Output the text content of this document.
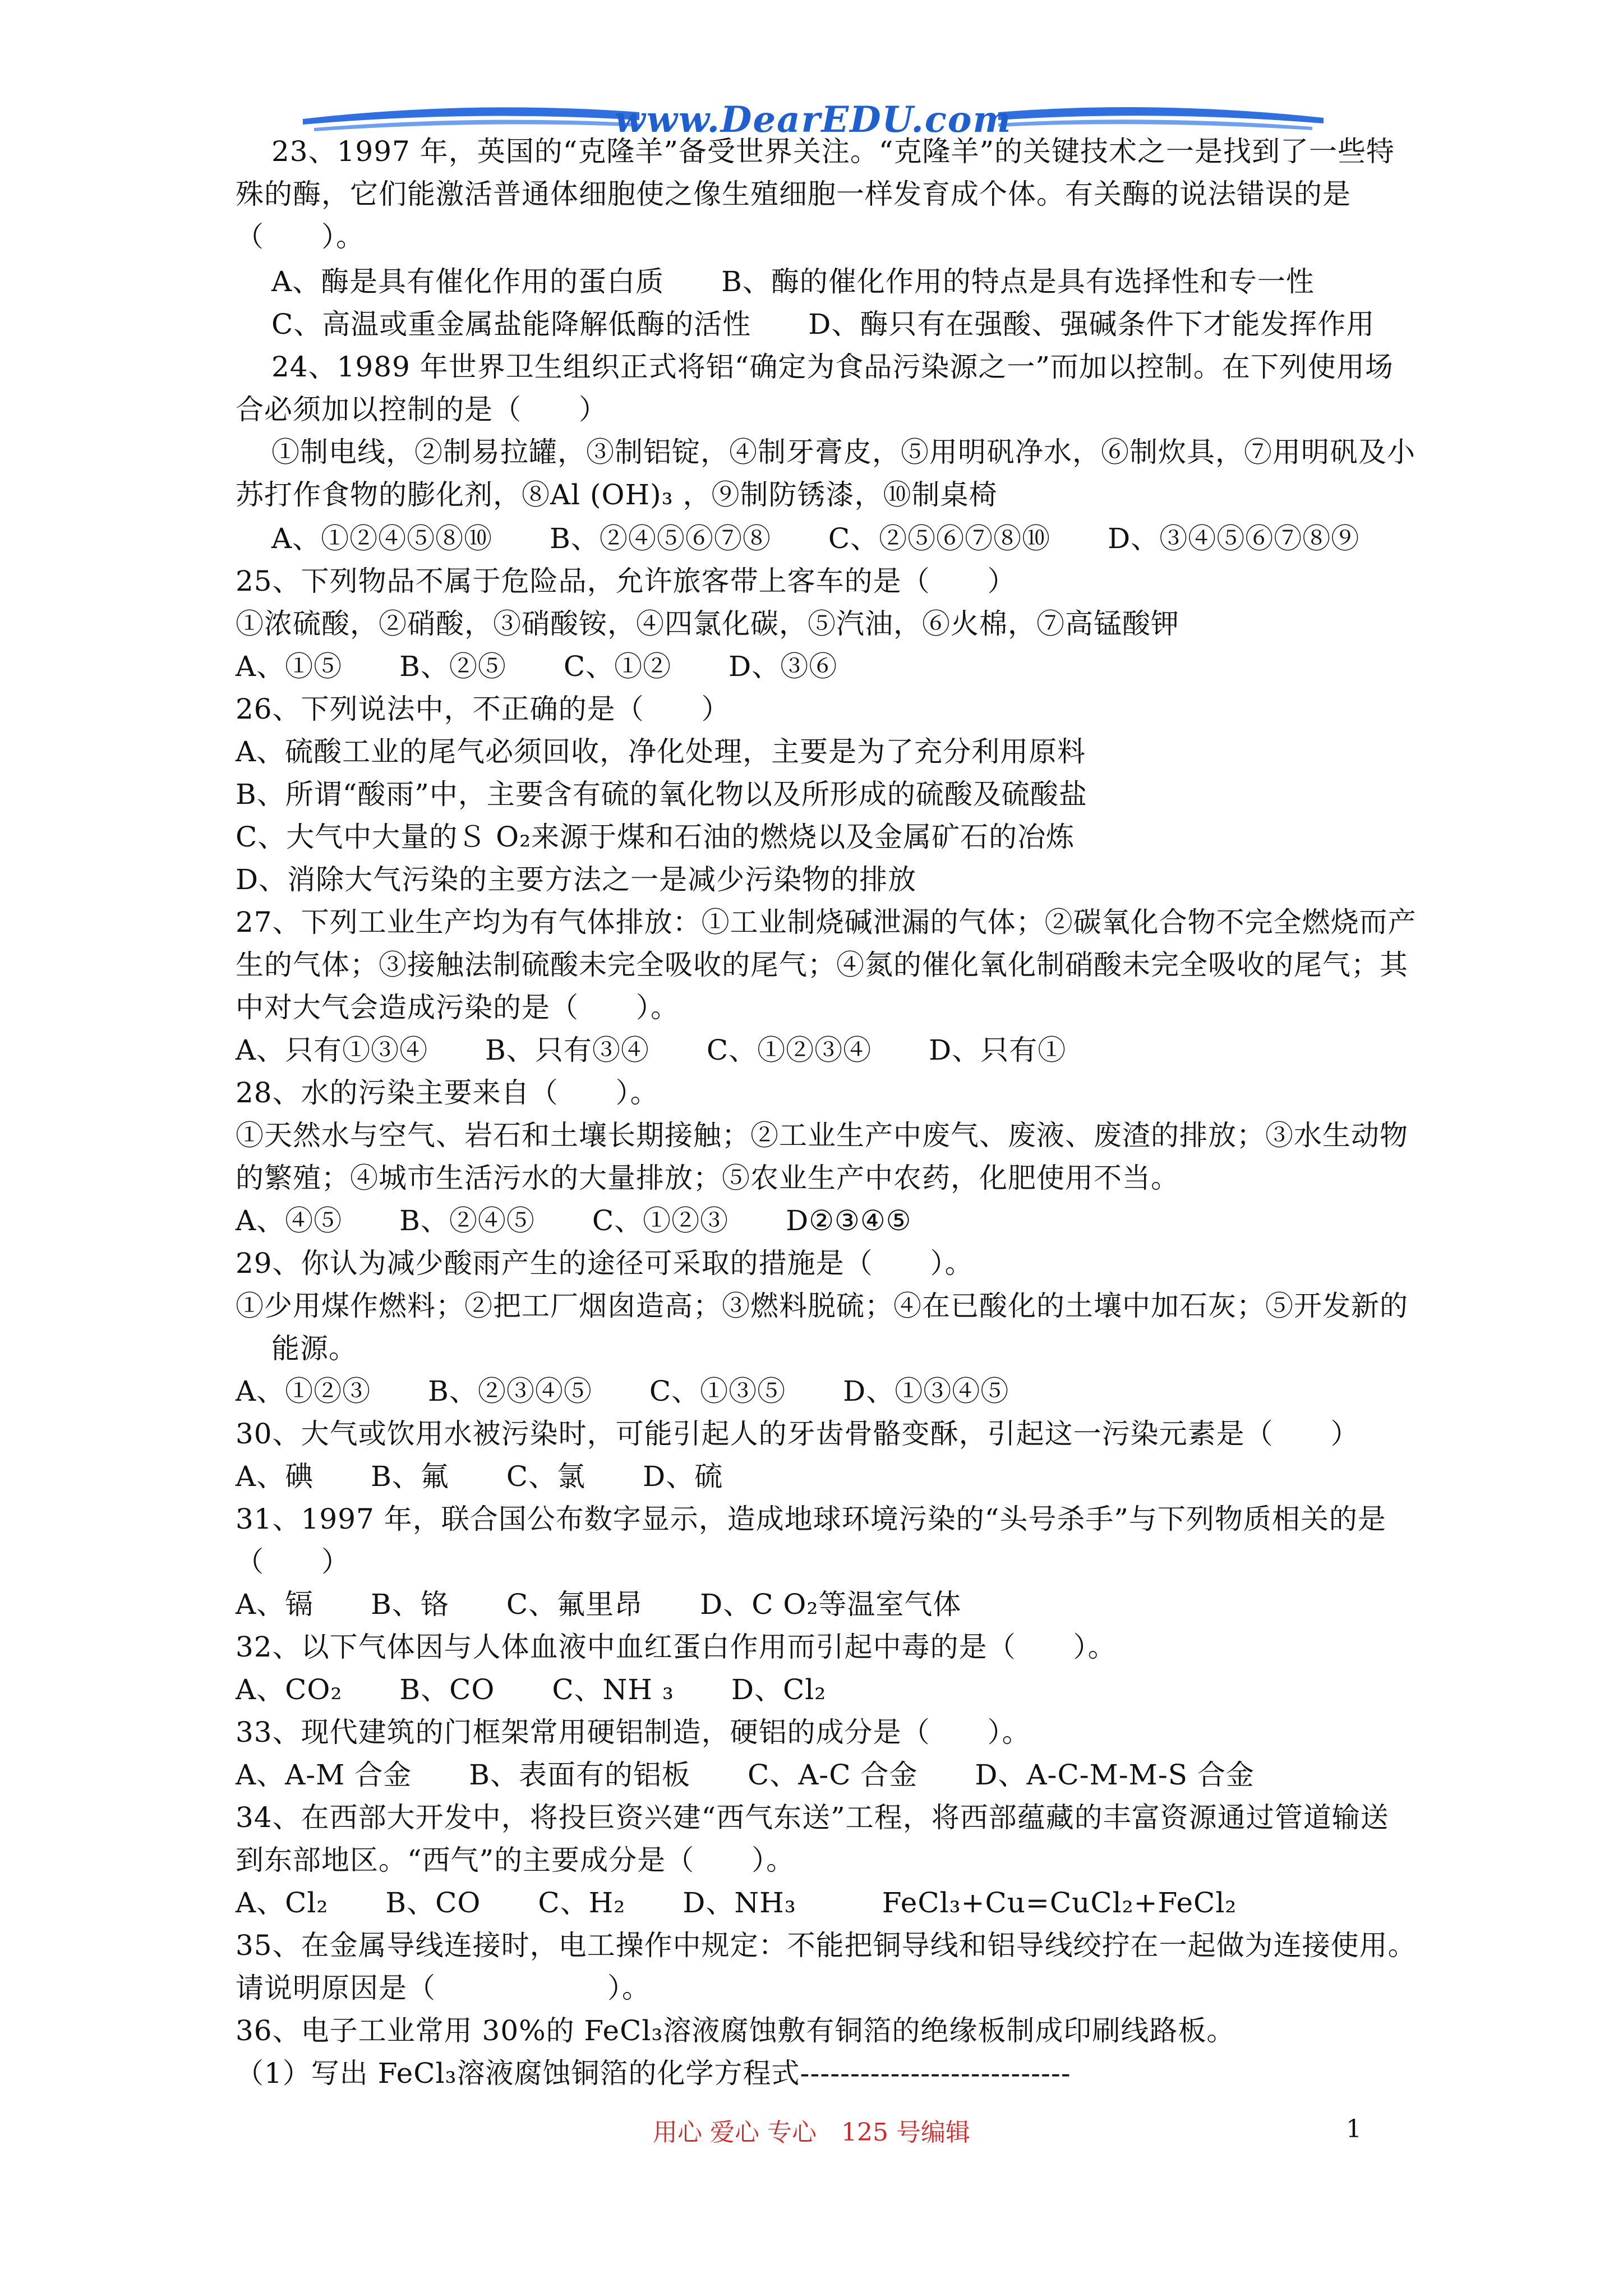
www.DearEDU.com
23、1997 年，英国的“克隆羊”备受世界关注。“克隆羊”的关键技术之一是找到了一些特
殊的酶，它们能激活普通体细胞使之像生殖细胞一样发育成个体。有关酶的说法错误的是
（　　）。
A、酶是具有催化作用的蛋白质　　B、酶的催化作用的特点是具有选择性和专一性
C、高温或重金属盐能降解低酶的活性　　D、酶只有在强酸、强碱条件下才能发挥作用
24、1989 年世界卫生组织正式将铝“确定为食品污染源之一”而加以控制。在下列使用场
合必须加以控制的是（　　）
①制电线，②制易拉罐，③制铝锭，④制牙膏皮，⑤用明矾净水，⑥制炊具，⑦用明矾及小
苏打作食物的膨化剂，⑧Al (OH)₃ ，⑨制防锈漆，⑩制桌椅
A、①②④⑤⑧⑩　　B、②④⑤⑥⑦⑧　　C、②⑤⑥⑦⑧⑩　　D、③④⑤⑥⑦⑧⑨
25、下列物品不属于危险品，允许旅客带上客车的是（　　）
①浓硫酸，②硝酸，③硝酸铵，④四氯化碳，⑤汽油，⑥火棉，⑦高锰酸钾
A、①⑤　　B、②⑤　　C、①②　　D、③⑥
26、下列说法中，不正确的是（　　）
A、硫酸工业的尾气必须回收，净化处理，主要是为了充分利用原料
B、所谓“酸雨”中，主要含有硫的氧化物以及所形成的硫酸及硫酸盐
C、大气中大量的Ｓ O₂来源于煤和石油的燃烧以及金属矿石的冶炼
D、消除大气污染的主要方法之一是减少污染物的排放
27、下列工业生产均为有气体排放：①工业制烧碱泄漏的气体；②碳氧化合物不完全燃烧而产
生的气体；③接触法制硫酸未完全吸收的尾气；④氮的催化氧化制硝酸未完全吸收的尾气；其
中对大气会造成污染的是（　　）。
A、只有①③④　　B、只有③④　　C、①②③④　　D、只有①
28、水的污染主要来自（　　）。
①天然水与空气、岩石和土壤长期接触；②工业生产中废气、废液、废渣的排放；③水生动物
的繁殖；④城市生活污水的大量排放；⑤农业生产中农药，化肥使用不当。
A、④⑤　　B、②④⑤　　C、①②③　　D②③④⑤
29、你认为减少酸雨产生的途径可采取的措施是（　　）。
①少用煤作燃料；②把工厂烟囱造高；③燃料脱硫；④在已酸化的土壤中加石灰；⑤开发新的
能源。
A、①②③　　B、②③④⑤　　C、①③⑤　　D、①③④⑤
30、大气或饮用水被污染时，可能引起人的牙齿骨骼变酥，引起这一污染元素是（　　）
A、碘　　B、氟　　C、氯　　D、硫
31、1997 年，联合国公布数字显示，造成地球环境污染的“头号杀手”与下列物质相关的是
（　　）
A、镉　　B、铬　　C、氟里昂　　D、C O₂等温室气体
32、以下气体因与人体血液中血红蛋白作用而引起中毒的是（　　）。
A、CO₂　　B、CO　　C、NH ₃　　D、Cl₂
33、现代建筑的门框架常用硬铝制造，硬铝的成分是（　　）。
A、A-M 合金　　B、表面有的铝板　　C、A-C 合金　　D、A-C-M-M-S 合金
34、在西部大开发中，将投巨资兴建“西气东送”工程，将西部蕴藏的丰富资源通过管道输送
到东部地区。“西气”的主要成分是（　　）。
A、Cl₂　　B、CO　　C、H₂　　D、NH₃　　　FeCl₃+Cu=CuCl₂+FeCl₂
35、在金属导线连接时，电工操作中规定：不能把铜导线和铝导线绞拧在一起做为连接使用。
请说明原因是（　　　　　　）。
36、电子工业常用 30%的 FeCl₃溶液腐蚀敷有铜箔的绝缘板制成印刷线路板。
（1）写出 FeCl₃溶液腐蚀铜箔的化学方程式---------------------------
用心 爱心 专心　125 号编辑	1
